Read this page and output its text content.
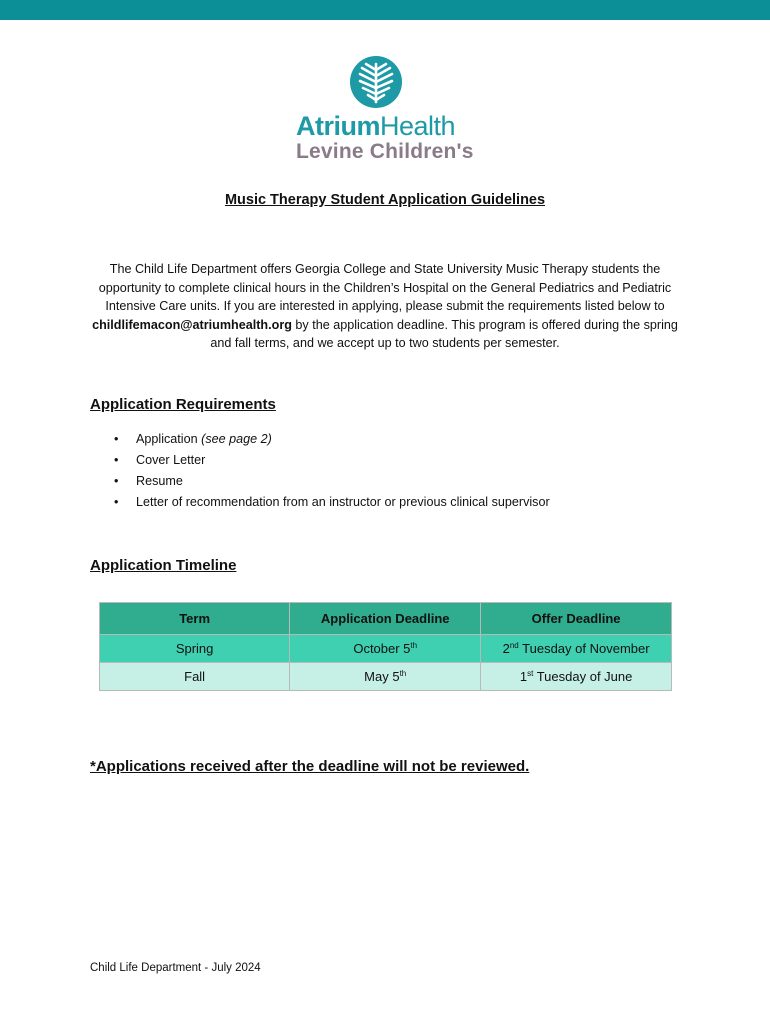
AtriumHealth
Levine Children's
Music Therapy Student Application Guidelines

The Child Life Department offers Georgia College and State University Music Therapy students the opportunity to complete clinical hours in the Children’s Hospital on the General Pediatrics and Pediatric Intensive Care units. If you are interested in applying, please submit the requirements listed below to childlifemacon@atriumhealth.org by the application deadline. This program is offered during the spring and fall terms, and we accept up to two students per semester.

Application Requirements
• Application (see page 2)
• Cover Letter
• Resume
• Letter of recommendation from an instructor or previous clinical supervisor
Application Timeline
Term	Application Deadline	Offer Deadline
Spring	October 5th	2nd Tuesday of November
Fall	May 5th	1st Tuesday of June
*Applications received after the deadline will not be reviewed.
Child Life Department - July 2024
